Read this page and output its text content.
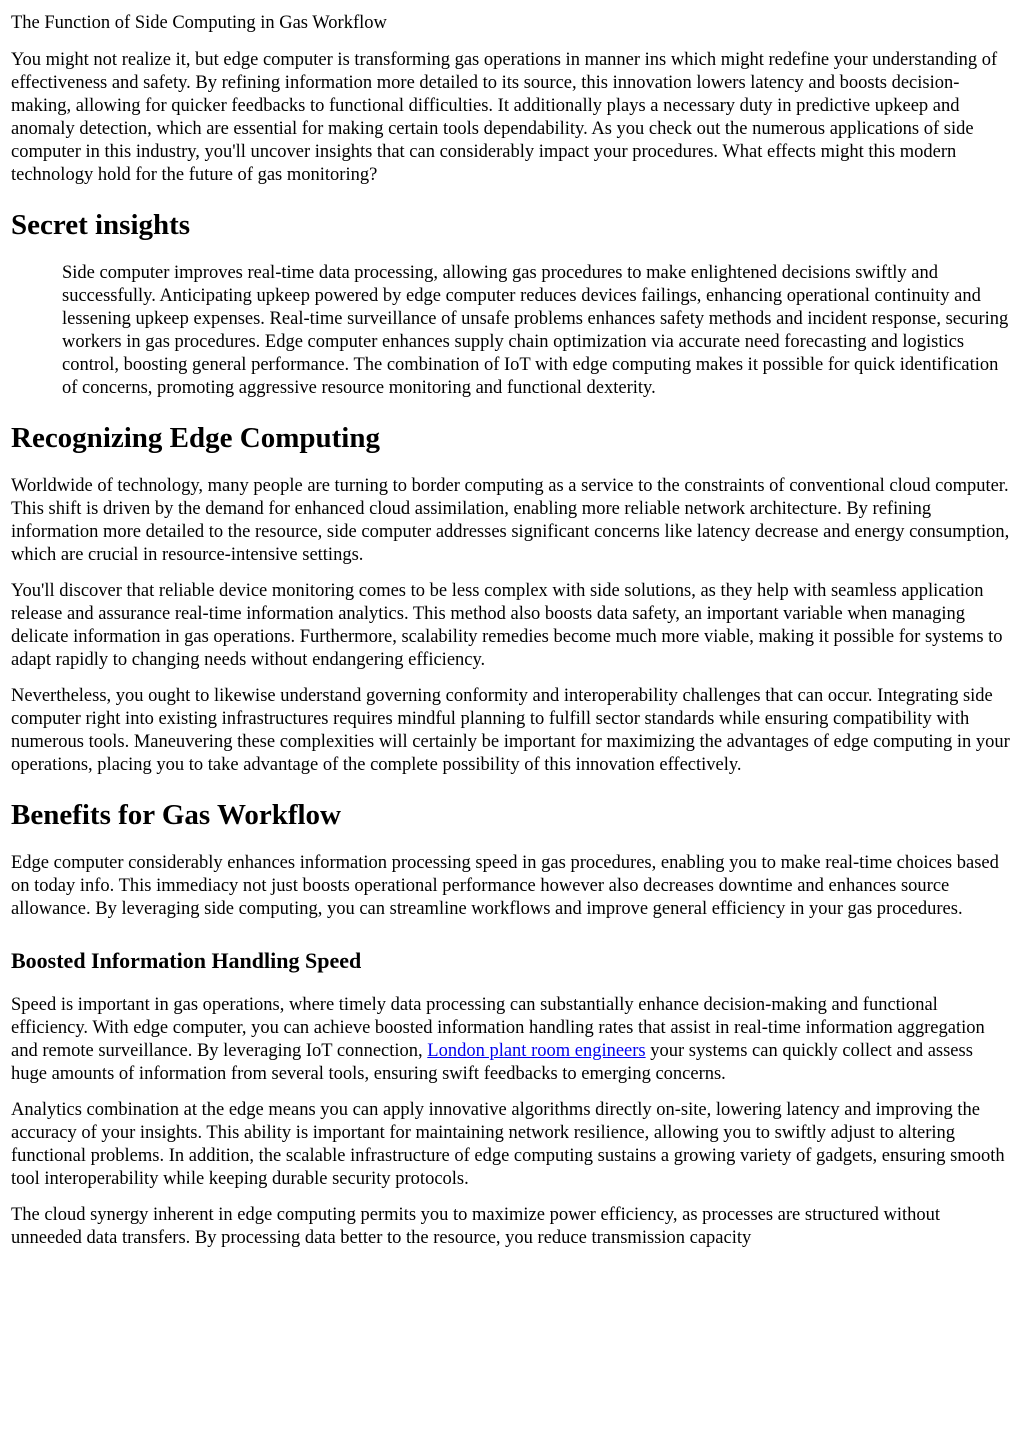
The Function of Side Computing in Gas Workflow

You might not realize it, but edge computer is transforming gas operations in manner ins which might redefine your understanding of effectiveness and safety. By refining information more detailed to its source, this innovation lowers latency and boosts decision-making, allowing for quicker feedbacks to functional difficulties. It additionally plays a necessary duty in predictive upkeep and anomaly detection, which are essential for making certain tools dependability. As you check out the numerous applications of side computer in this industry, you'll uncover insights that can considerably impact your procedures. What effects might this modern technology hold for the future of gas monitoring?

Secret insights

Side computer improves real-time data processing, allowing gas procedures to make enlightened decisions swiftly and successfully. Anticipating upkeep powered by edge computer reduces devices failings, enhancing operational continuity and lessening upkeep expenses. Real-time surveillance of unsafe problems enhances safety methods and incident response, securing workers in gas procedures. Edge computer enhances supply chain optimization via accurate need forecasting and logistics control, boosting general performance. The combination of IoT with edge computing makes it possible for quick identification of concerns, promoting aggressive resource monitoring and functional dexterity.

Recognizing Edge Computing

Worldwide of technology, many people are turning to border computing as a service to the constraints of conventional cloud computer. This shift is driven by the demand for enhanced cloud assimilation, enabling more reliable network architecture. By refining information more detailed to the resource, side computer addresses significant concerns like latency decrease and energy consumption, which are crucial in resource-intensive settings.

You'll discover that reliable device monitoring comes to be less complex with side solutions, as they help with seamless application release and assurance real-time information analytics. This method also boosts data safety, an important variable when managing delicate information in gas operations. Furthermore, scalability remedies become much more viable, making it possible for systems to adapt rapidly to changing needs without endangering efficiency.

Nevertheless, you ought to likewise understand governing conformity and interoperability challenges that can occur. Integrating side computer right into existing infrastructures requires mindful planning to fulfill sector standards while ensuring compatibility with numerous tools. Maneuvering these complexities will certainly be important for maximizing the advantages of edge computing in your operations, placing you to take advantage of the complete possibility of this innovation effectively.

Benefits for Gas Workflow

Edge computer considerably enhances information processing speed in gas procedures, enabling you to make real-time choices based on today info. This immediacy not just boosts operational performance however also decreases downtime and enhances source allowance. By leveraging side computing, you can streamline workflows and improve general efficiency in your gas procedures.

Boosted Information Handling Speed

Speed is important in gas operations, where timely data processing can substantially enhance decision-making and functional efficiency. With edge computer, you can achieve boosted information handling rates that assist in real-time information aggregation and remote surveillance. By leveraging IoT connection, London plant room engineers your systems can quickly collect and assess huge amounts of information from several tools, ensuring swift feedbacks to emerging concerns.

Analytics combination at the edge means you can apply innovative algorithms directly on-site, lowering latency and improving the accuracy of your insights. This ability is important for maintaining network resilience, allowing you to swiftly adjust to altering functional problems. In addition, the scalable infrastructure of edge computing sustains a growing variety of gadgets, ensuring smooth tool interoperability while keeping durable security protocols.

The cloud synergy inherent in edge computing permits you to maximize power efficiency, as processes are structured without unneeded data transfers. By processing data better to the resource, you reduce transmission capacity
